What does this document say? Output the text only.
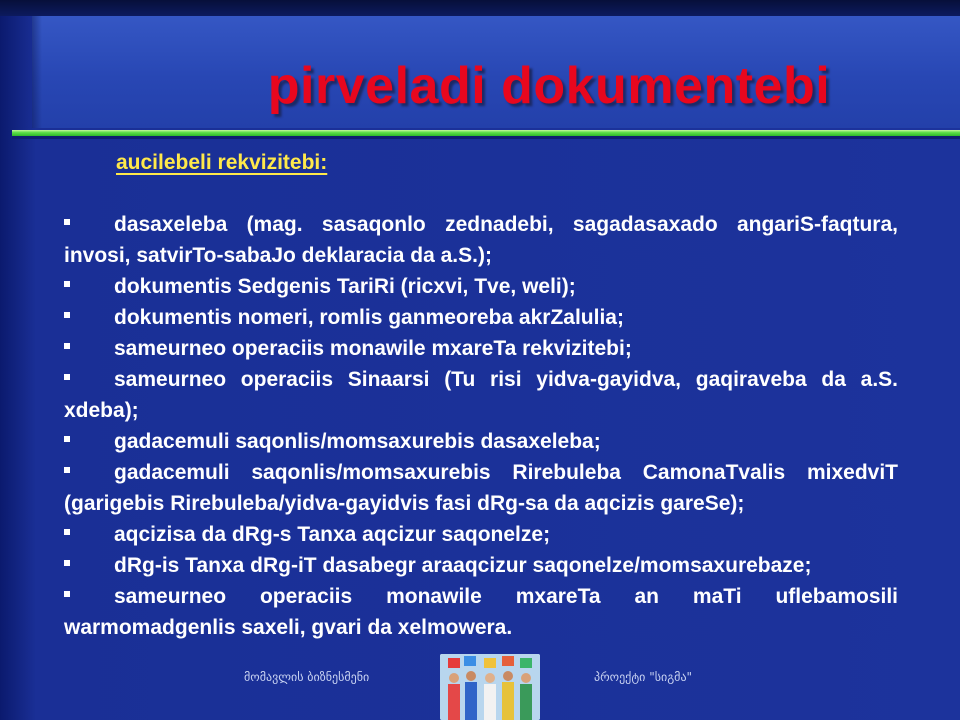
pirveladi dokumentebi
aucilebeli rekvizitebi:
dasaxeleba (mag. sasaqonlo zednadebi, sagadasaxado angariS-faqtura, invosi, satvirTo-sabaJo deklaracia da a.S.);
dokumentis Sedgenis TariRi (ricxvi, Tve, weli);
dokumentis nomeri, romlis ganmeoreba akrZalulia;
sameurneo operaciis monawile mxareTa rekvizitebi;
sameurneo operaciis Sinaarsi (Tu risi yidva-gayidva, gaqiraveba da a.S. xdeba);
gadacemuli saqonlis/momsaxurebis dasaxeleba;
gadacemuli saqonlis/momsaxurebis Rirebuleba CamonaTvalis mixedviT (garigebis Rirebuleba/yidva-gayidvis fasi dRg-sa da aqcizis gareSe);
aqcizisa da dRg-s Tanxa aqcizur saqonelze;
dRg-is Tanxa dRg-iT dasabegr araaqcizur saqonelze/momsaxurebaze;
sameurneo operaciis monawile mxareTa an maTi uflebamosili warmomadgenlis saxeli, gvari da xelmowera.
მომავლის ბიზნესმენი	პროექტი "სიგმა"
